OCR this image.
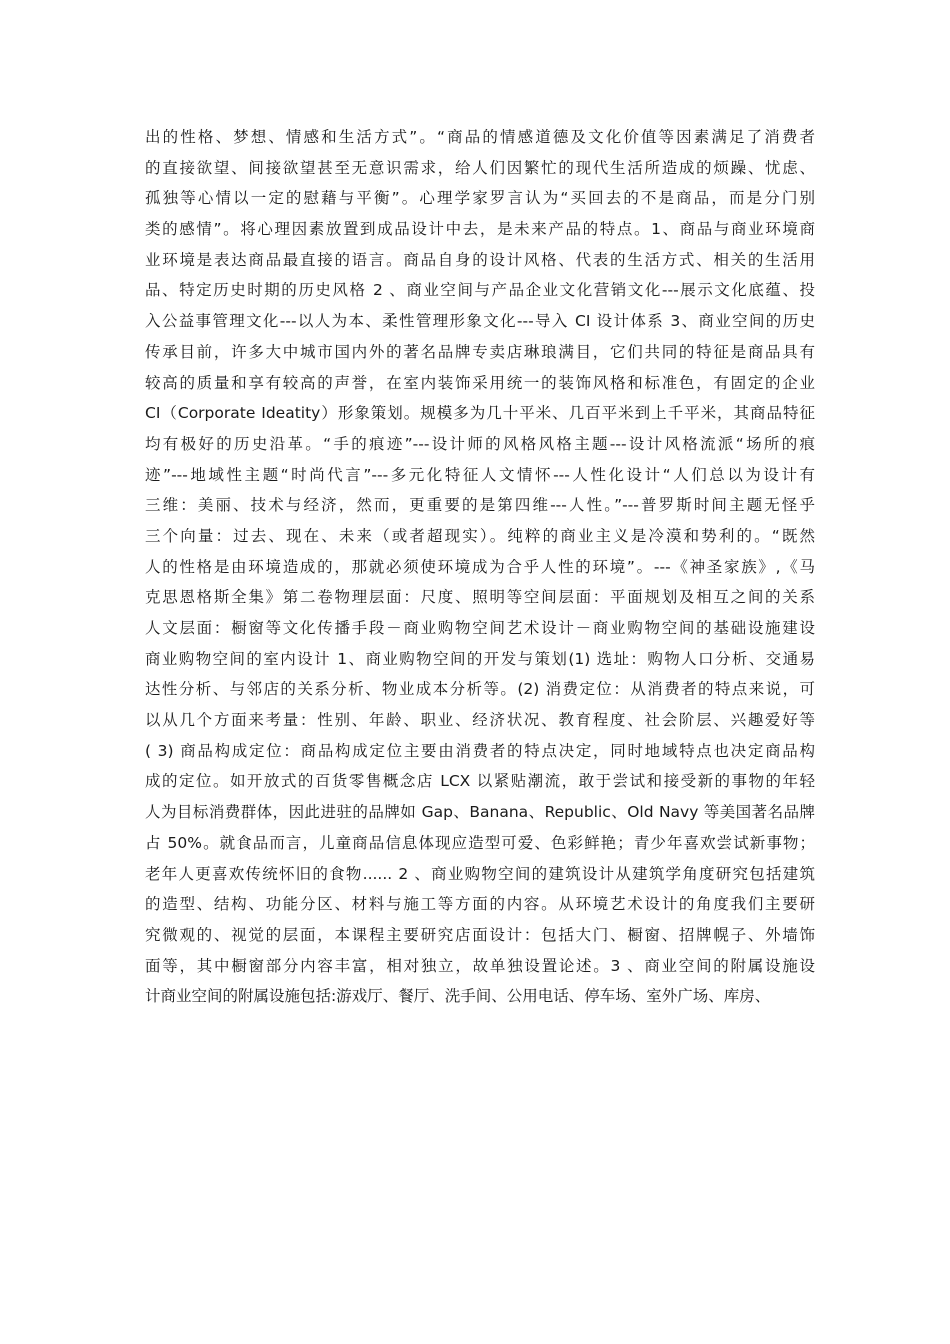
出的性格、梦想、情感和生活方式”。“商品的情感道德及文化价值等因素满足了消费者
的直接欲望、间接欲望甚至无意识需求，给人们因繁忙的现代生活所造成的烦躁、忧虑、
孤独等心情以一定的慰藉与平衡”。心理学家罗言认为“买回去的不是商品，而是分门别
类的感情”。将心理因素放置到成品设计中去，是未来产品的特点。1、商品与商业环境商
业环境是表达商品最直接的语言。商品自身的设计风格、代表的生活方式、相关的生活用
品、特定历史时期的历史风格 2 、商业空间与产品企业文化营销文化---展示文化底蕴、投
入公益事管理文化---以人为本、柔性管理形象文化---导入 CI 设计体系 3、商业空间的历史
传承目前，许多大中城市国内外的著名品牌专卖店琳琅满目，它们共同的特征是商品具有
较高的质量和享有较高的声誉，在室内装饰采用统一的装饰风格和标准色，有固定的企业
CI（Corporate Ideatity）形象策划。规模多为几十平米、几百平米到上千平米，其商品特征
均有极好的历史沿革。“手的痕迹”---设计师的风格风格主题---设计风格流派“场所的痕
迹”---地域性主题“时尚代言”---多元化特征人文情怀---人性化设计“人们总以为设计有
三维：美丽、技术与经济，然而，更重要的是第四维---人性。”---普罗斯时间主题无怪乎
三个向量：过去、现在、未来（或者超现实）。纯粹的商业主义是冷漠和势利的。“既然
人的性格是由环境造成的，那就必须使环境成为合乎人性的环境”。---《神圣家族》,《马
克思恩格斯全集》第二卷物理层面：尺度、照明等空间层面：平面规划及相互之间的关系
人文层面：橱窗等文化传播手段－商业购物空间艺术设计－商业购物空间的基础设施建设
商业购物空间的室内设计 1、商业购物空间的开发与策划(1) 选址：购物人口分析、交通易
达性分析、与邻店的关系分析、物业成本分析等。(2) 消费定位：从消费者的特点来说，可
以从几个方面来考量：性别、年龄、职业、经济状况、教育程度、社会阶层、兴趣爱好等
( 3) 商品构成定位：商品构成定位主要由消费者的特点决定，同时地域特点也决定商品构
成的定位。如开放式的百货零售概念店 LCX 以紧贴潮流，敢于尝试和接受新的事物的年轻
人为目标消费群体，因此进驻的品牌如 Gap、Banana、Republic、Old Navy 等美国著名品牌
占 50%。就食品而言，儿童商品信息体现应造型可爱、色彩鲜艳；青少年喜欢尝试新事物；
老年人更喜欢传统怀旧的食物...... 2 、商业购物空间的建筑设计从建筑学角度研究包括建筑
的造型、结构、功能分区、材料与施工等方面的内容。从环境艺术设计的角度我们主要研
究微观的、视觉的层面，本课程主要研究店面设计：包括大门、橱窗、招牌幌子、外墙饰
面等，其中橱窗部分内容丰富，相对独立，故单独设置论述。3 、商业空间的附属设施设
计商业空间的附属设施包括:游戏厅、餐厅、洗手间、公用电话、停车场、室外广场、库房、
